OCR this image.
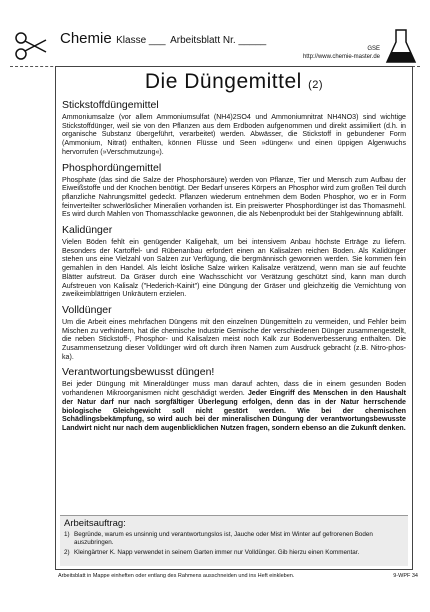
Chemie Klasse ___ Arbeitsblatt Nr. _____
GSE
http://www.chemie-master.de
Die Düngemittel (2)
Stickstoffdüngemittel

Ammoniumsalze (vor allem Ammoniumsulfat (NH4)2SO4 und Ammoniumnitrat NH4NO3) sind wichtige Stickstoffdünger, weil sie von den Pflanzen aus dem Erdboden aufgenommen und direkt assimiliert (d.h. in organische Substanz übergeführt, verarbeitet) werden. Abwässer, die Stickstoff in gebundener Form (Ammonium, Nitrat) enthalten, können Flüsse und Seen »düngen« und einen üppigen Algenwuchs hervorrufen (»Verschmutzung«).

Phosphordüngemittel

Phosphate (das sind die Salze der Phosphorsäure) werden von Pflanze, Tier und Mensch zum Aufbau der Eiweißstoffe und der Knochen benötigt. Der Bedarf unseres Körpers an Phosphor wird zum großen Teil durch pflanzliche Nahrungsmittel gedeckt. Pflanzen wiederum entnehmen dem Boden Phosphor, wo er in Form feinverteilter schwerlöslicher Mineralien vorhanden ist. Ein preiswerter Phosphordünger ist das Thomasmehl. Es wird durch Mahlen von Thomasschlacke gewonnen, die als Nebenprodukt bei der Stahlgewinnung abfällt.

Kalidünger

Vielen Böden fehlt ein genügender Kaligehalt, um bei intensivem Anbau höchste Erträge zu liefern. Besonders der Kartoffel- und Rübenanbau erfordert einen an Kalisalzen reichen Boden. Als Kalidünger stehen uns eine Vielzahl von Salzen zur Verfügung, die bergmännisch gewonnen werden. Sie kommen fein gemahlen in den Handel. Als leicht lösliche Salze wirken Kalisalze verätzend, wenn man sie auf feuchte Blätter aufstreut. Da Gräser durch eine Wachsschicht vor Verätzung geschützt sind, kann man durch Aufstreuen von Kalisalz ("Hederich-Kainit") eine Düngung der Gräser und gleichzeitig die Vernichtung von zweikeimblättrigen Unkräutern erzielen.

Volldünger

Um die Arbeit eines mehrfachen Düngens mit den einzelnen Düngemitteln zu vermeiden, und Fehler beim Mischen zu verhindern, hat die chemische Industrie Gemische der verschiedenen Dünger zusammengestellt, die neben Stickstoff-, Phosphor- und Kalisalzen meist noch Kalk zur Bodenverbesserung enthalten. Die Zusammensetzung dieser Volldünger wird oft durch ihren Namen zum Ausdruck gebracht (z.B. Nitro-phos-ka).

Verantwortungsbewusst düngen!

Bei jeder Düngung mit Mineraldünger muss man darauf achten, dass die in einem gesunden Boden vorhandenen Mikroorganismen nicht geschädigt werden. Jeder Eingriff des Menschen in den Haushalt der Natur darf nur nach sorgfältiger Überlegung erfolgen, denn das in der Natur herrschende biologische Gleichgewicht soll nicht gestört werden. Wie bei der chemischen Schädlingsbekämpfung, so wird auch bei der mineralischen Düngung der verantwortungsbewusste Landwirt nicht nur nach dem augenblicklichen Nutzen fragen, sondern ebenso an die Zukunft denken.

Arbeitsauftrag:
1) Begründe, warum es unsinnig und verantwortungslos ist, Jauche oder Mist im Winter auf gefrorenen Boden auszubringen.
2) Kleingärtner K. Napp verwendet in seinem Garten immer nur Volldünger. Gib hierzu einen Kommentar.
Arbeitsblatt in Mappe einheften oder entlang des Rahmens ausschneiden und ins Heft einkleben.	9-WPF 34
